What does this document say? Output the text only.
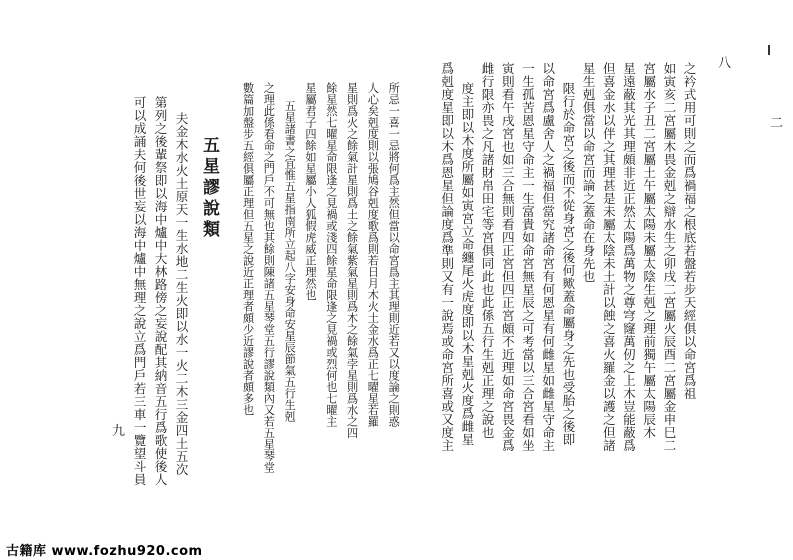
八
二
之衿式用可則之而爲禍福之根底若盤若步天經俱以命宮爲祖
如寅亥二宮屬木畏金剋之辯水生之卯戌二宮屬火辰酉二宮屬金申巳二
宮屬水子丑二宮屬土午屬太陽未屬太陰生剋之理前獨午屬太陽辰木
星遠蔽其光其理頗非近正然太陽爲萬物之尊穹窿萬仞之上木豈能蔽爲
但喜金水以伴之其理甚是未屬太陰未土計以蝕之喜火羅金以護之但諸
星生剋俱當以命宮而論之蓋命在身先也
限行於命宮之後而不從身宮之後何歟蓋命屬身之先也受胎之後即
以命宮爲盧舍人之禍福但當究諸命宮有何恩星有何雌星如雌星守命主
一生孤苦恩星守命主一生富貴如命宮無星辰之可考當以三合宮看如坐
寅則看午戌宮也如三合無則看四正宮但四正宮頗不近理如命宮畏金爲
雌行限亦畏之凡諸財帛田宅等宮俱同此也此係五行生剋正理之說也
度主即以木度所屬如寅宮立命纏尾火虎度即以木星剋火度爲雌星
爲剋度星即以木爲恩星但論度爲準則又有一說焉或命宮所喜或又度主
所忌一喜一忌將何爲主然但當以命宮爲主其理則近若又以度論之則惑
人心矣剋度則以張鳩谷剋度歌爲則若日月木火土金水爲正七曜星若羅
星則爲火之餘氣計星則爲土之餘氣紫氣星則爲木之餘氣孛星則爲水之四
餘星然七曜星命限逢之見禍或淺四餘星命限逢之見禍或烈何也七曜主
星屬君子四餘如星屬小人狐假虎威正理然也
五星諸書之宜惟五星指南所立起八字安身命安星辰節氣五行生剋
之理此係看命之門戶不可無也其餘則陳諸五星琴堂五行謬說類內又若五星琴堂
數篇加盤步五經俱屬正理但五星之說近正理者頗少近謬說者頗多也
五星謬說類
夫金木水火土原天一生水地二生火即以水一火二木三金四土五次
第列之後輩祭即以海中爐中大林路傍之妄說配其納音五行爲歌使後人
可以成誦夫何後世妄以海中爐中無理之說立爲門戶若三車一覽望斗員
九
古籍库 www.fozhu920.com
